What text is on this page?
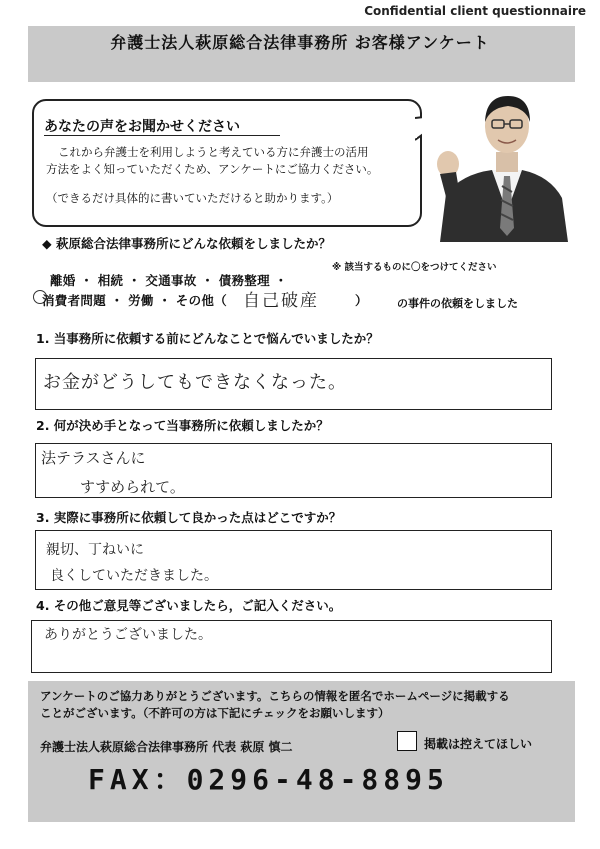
Confidential client questionnaire
弁護士法人萩原総合法律事務所 お客様アンケート
あなたの声をお聞かせください
これから弁護士を利用しようと考えている方に弁護士の活用
方法をよく知っていただくため、アンケートにご協力ください。
（できるだけ具体的に書いていただけると助かります。）
◆ 萩原総合法律事務所にどんな依頼をしましたか？
※ 該当するものに〇をつけてください
離婚 ・ 相続 ・ 交通事故 ・ 債務整理 ・
消費者問題 ・ 労働 ・ その他（ 自己破産	）	の事件の依頼をしました
1. 当事務所に依頼する前にどんなことで悩んでいましたか？
お金がどうしてもできなくなった。
2. 何が決め手となって当事務所に依頼しましたか？
法テラスさんに
すすめられて。
3. 実際に事務所に依頼して良かった点はどこですか？
親切、丁ねいに
良くしていただきました。
4. その他ご意見等ございましたら，ご記入ください。
ありがとうございました。
アンケートのご協力ありがとうございます。こちらの情報を匿名でホームページに掲載する
ことがございます。（不許可の方は下記にチェックをお願いします）
弁護士法人萩原総合法律事務所 代表 萩原 慎二	掲載は控えてほしい
FAX：0296-48-8895
